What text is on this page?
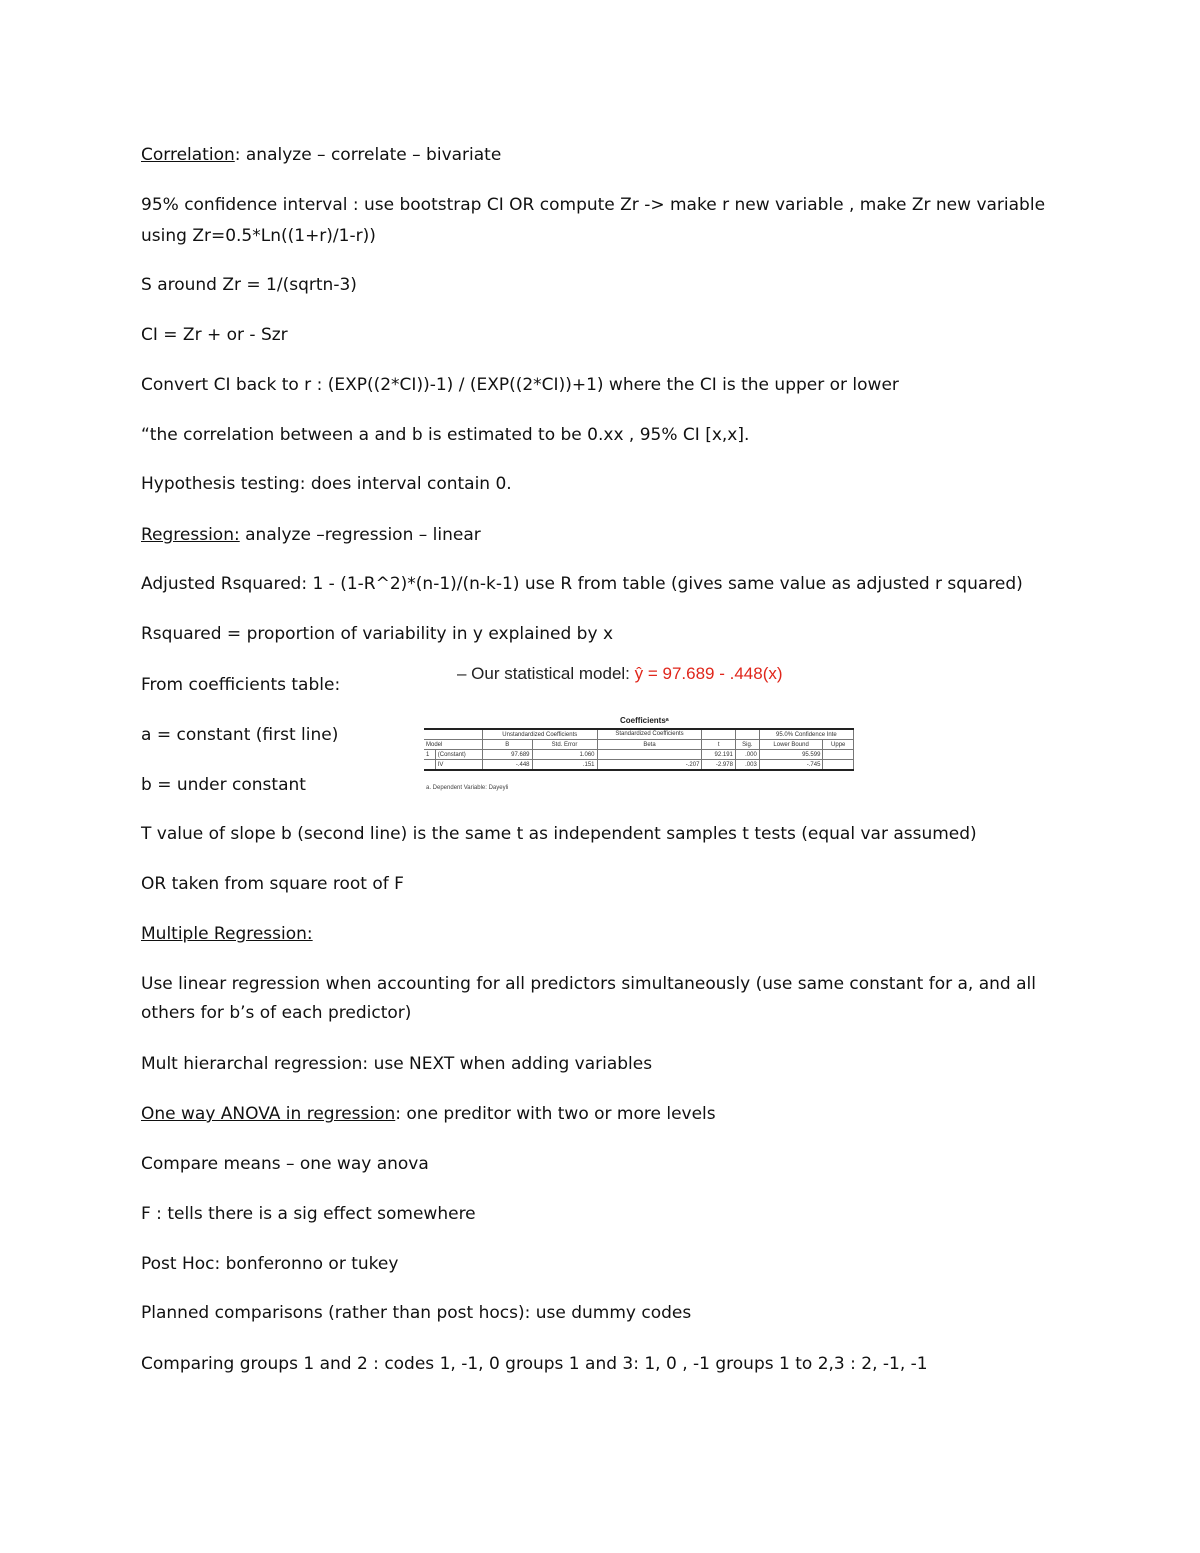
Correlation: analyze – correlate – bivariate
95% confidence interval : use bootstrap CI OR compute Zr -> make r new variable , make Zr new variable
using Zr=0.5*Ln((1+r)/1-r))
S around Zr = 1/(sqrtn-3)
CI = Zr + or - Szr
Convert CI back to r : (EXP((2*CI))-1) / (EXP((2*CI))+1) where the CI is the upper or lower
“the correlation between a and b is estimated to be 0.xx , 95% CI [x,x].
Hypothesis testing: does interval contain 0.
Regression: analyze –regression – linear
Adjusted Rsquared: 1 - (1-R^2)*(n-1)/(n-k-1) use R from table (gives same value as adjusted r squared)
Rsquared = proportion of variability in y explained by x
From coefficients table:
a = constant (first line)
b = under constant
T value of slope b (second line) is the same t as independent samples t tests (equal var assumed)
OR taken from square root of F
Multiple Regression:
Use linear regression when accounting for all predictors simultaneously (use same constant for a, and all
others for b’s of each predictor)
Mult hierarchal regression: use NEXT when adding variables
One way ANOVA in regression: one preditor with two or more levels
Compare means – one way anova
F : tells there is a sig effect somewhere
Post Hoc: bonferonno or tukey
Planned comparisons (rather than post hocs): use dummy codes
Comparing groups 1 and 2 : codes 1, -1, 0 groups 1 and 3: 1, 0 , -1 groups 1 to 2,3 : 2, -1, -1
– Our statistical model: ŷ = 97.689 - .448(x)
Coefficientsᵃ
		Unstandardized Coefficients		Standardized Coefficients			95.0% Confidence Inte	
Model		B	Std. Error	Beta	t	Sig.	Lower Bound	Uppe
1	(Constant)	97.689	1.060		92.191	.000	95.599	
	IV	-.448	.151	-.207	-2.978	.003	-.745	
a. Dependent Variable: Dayeyli
